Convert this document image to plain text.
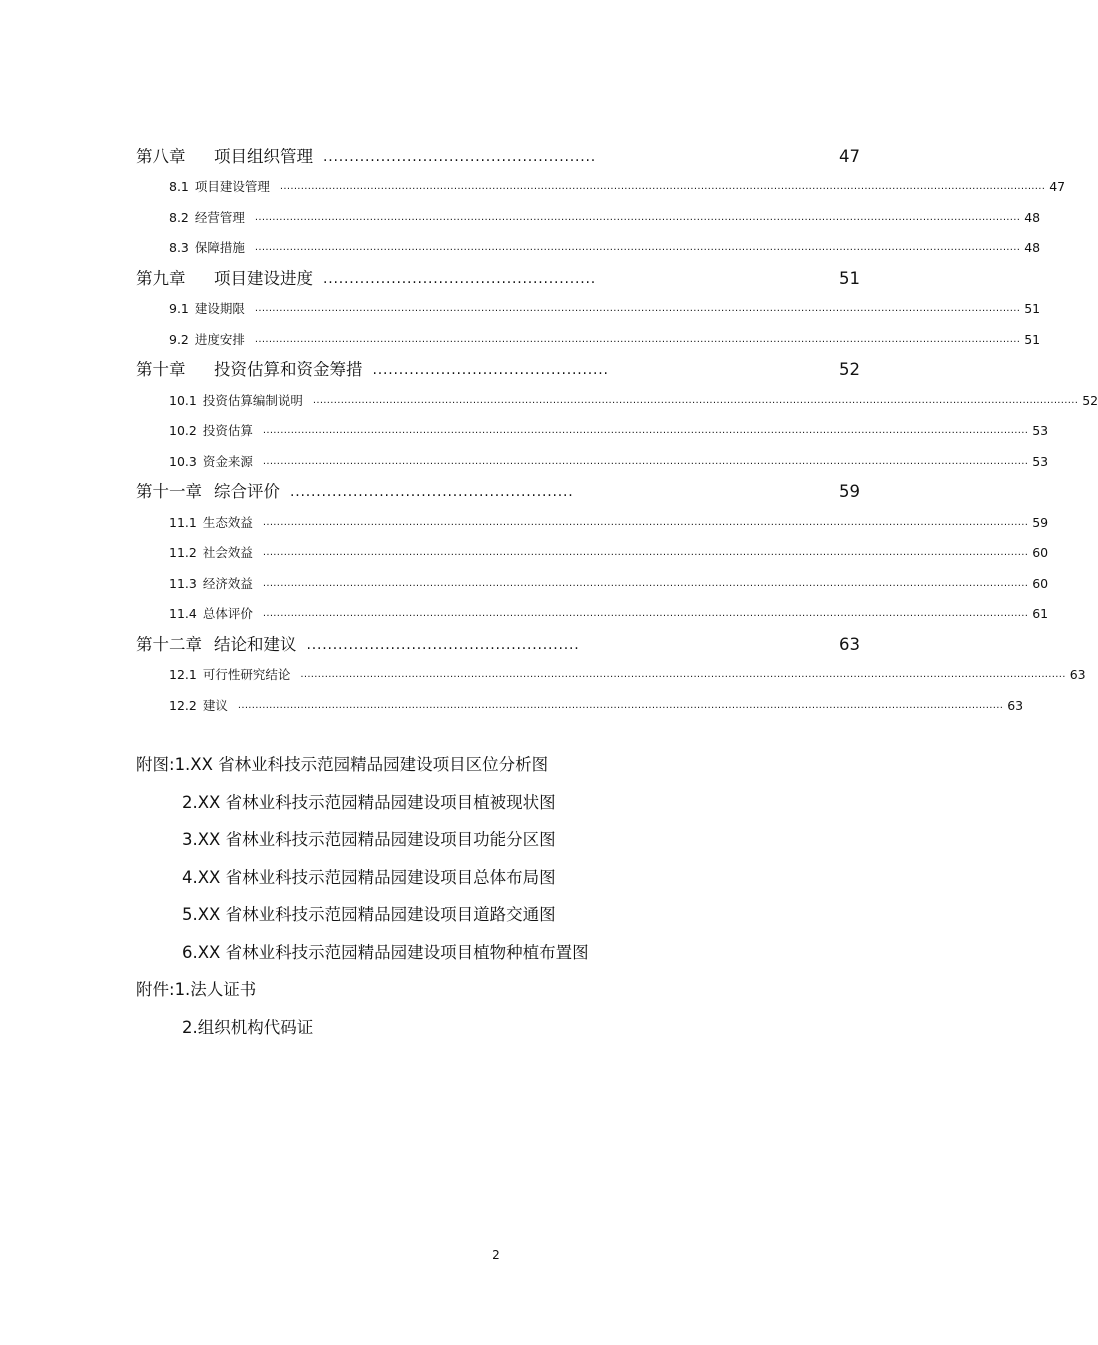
第八章	项目组织管理 ....................................................	47
8.1 项目建设管理	............................................................................................................................................................................................................................ 47
8.2 经营管理	............................................................................................................................................................................................................................ 48
8.3 保障措施	............................................................................................................................................................................................................................ 48
第九章	项目建设进度 ....................................................	51
9.1 建设期限	............................................................................................................................................................................................................................ 51
9.2 进度安排	............................................................................................................................................................................................................................ 51
第十章	投资估算和资金筹措 .............................................	52
10.1 投资估算编制说明	............................................................................................................................................................................................................................ 52
10.2 投资估算	............................................................................................................................................................................................................................ 53
10.3 资金来源	............................................................................................................................................................................................................................ 53
第十一章 综合评价 ......................................................	59
11.1 生态效益	............................................................................................................................................................................................................................ 59
11.2 社会效益	............................................................................................................................................................................................................................ 60
11.3 经济效益	............................................................................................................................................................................................................................ 60
11.4 总体评价	............................................................................................................................................................................................................................ 61
第十二章 结论和建议 ....................................................	63
12.1 可行性研究结论	............................................................................................................................................................................................................................ 63
12.2 建议	............................................................................................................................................................................................................................ 63
附图:1.XX 省林业科技示范园精品园建设项目区位分析图
2.XX 省林业科技示范园精品园建设项目植被现状图
3.XX 省林业科技示范园精品园建设项目功能分区图
4.XX 省林业科技示范园精品园建设项目总体布局图
5.XX 省林业科技示范园精品园建设项目道路交通图
6.XX 省林业科技示范园精品园建设项目植物种植布置图
附件:1.法人证书
2.组织机构代码证
2
